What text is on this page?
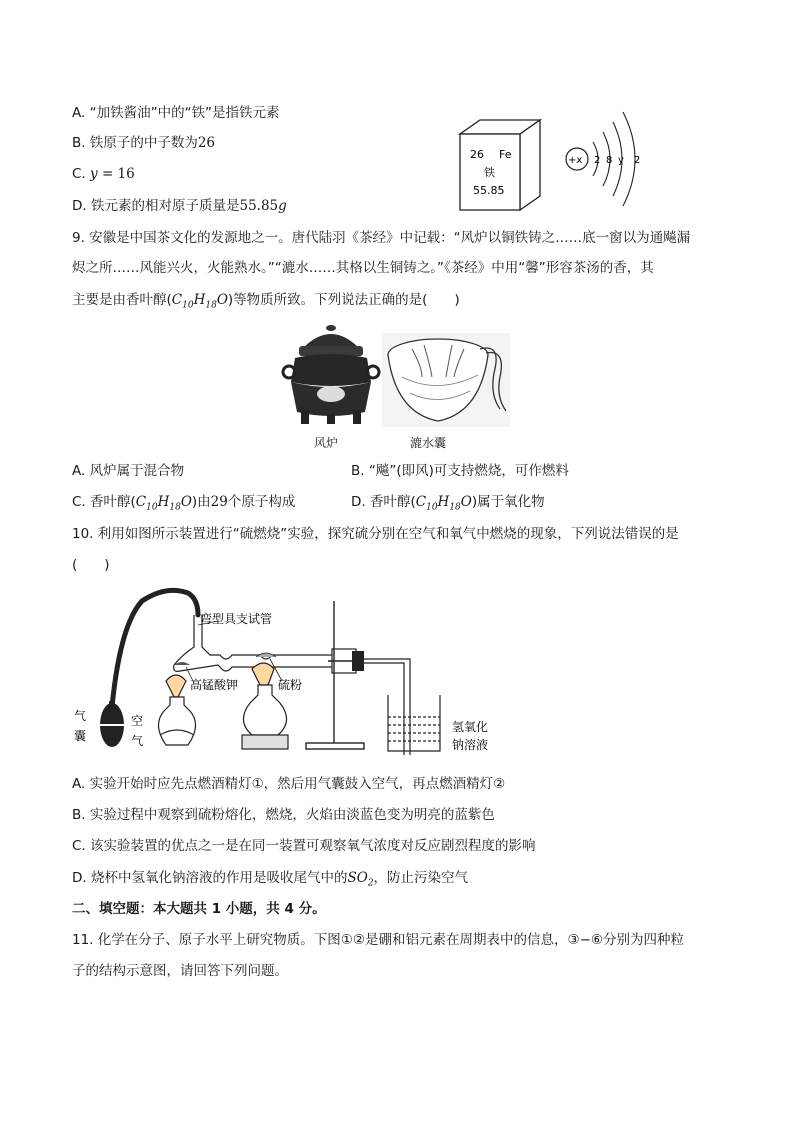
A. “加铁酱油”中的“铁”是指铁元素
B. 铁原子的中子数为26
C. y = 16
D. 铁元素的相对原子质量是55.85g
26 Fe
铁
55.85
+x 2 8 y 2
9. 安徽是中国茶文化的发源地之一。唐代陆羽《茶经》中记载：“风炉以铜铁铸之……底一窗以为通飚漏
烬之所……风能兴火，火能熟水。”“漉水……其格以生铜铸之。”《茶经》中用“馨”形容茶汤的香，其
主要是由香叶醇$(C_{10}H_{18}O)$等物质所致。下列说法正确的是(　　)
风炉	漉水囊
A. 风炉属于混合物	B. “飚”(即风)可支持燃烧，可作燃料
C. 香叶醇$(C_{10}H_{18}O)$由29个原子构成	D. 香叶醇$(C_{10}H_{18}O)$属于氧化物
10. 利用如图所示装置进行“硫燃烧”实验，探究硫分别在空气和氧气中燃烧的现象，下列说法错误的是
(　　)
气
囊
空
气
弯型具支试管
高锰酸钾	硫粉
氢氧化
钠溶液
A. 实验开始时应先点燃酒精灯①，然后用气囊鼓入空气，再点燃酒精灯②
B. 实验过程中观察到硫粉熔化，燃烧，火焰由淡蓝色变为明亮的蓝紫色
C. 该实验装置的优点之一是在同一装置可观察氧气浓度对反应剧烈程度的影响
D. 烧杯中氢氧化钠溶液的作用是吸收尾气中的$SO_2$，防止污染空气
二、填空题：本大题共 1 小题，共 4 分。
11. 化学在分子、原子水平上研究物质。下图①②是硼和铝元素在周期表中的信息，③−⑥分别为四种粒
子的结构示意图，请回答下列问题。
